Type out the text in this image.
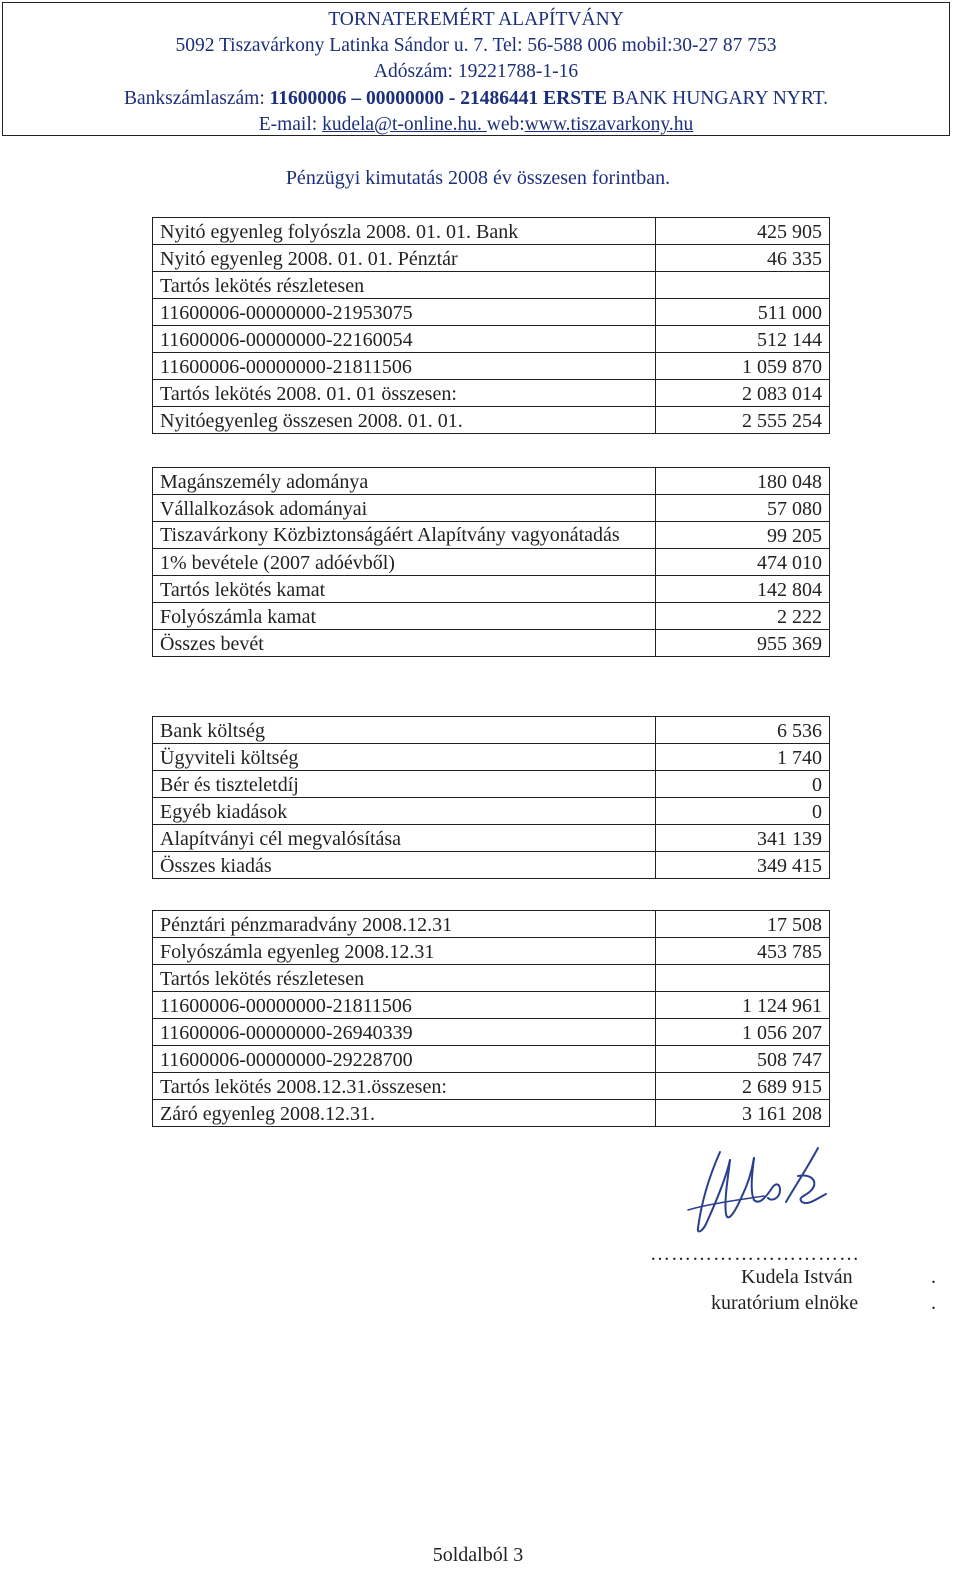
TORNATEREMÉRT ALAPÍTVÁNY
5092 Tiszavárkony Latinka Sándor u. 7. Tel: 56-588 006 mobil:30-27 87 753
Adószám: 19221788-1-16
Bankszámlaszám: 11600006 – 00000000 - 21486441 ERSTE BANK HUNGARY NYRT.
E-mail: kudela@t-online.hu. web:www.tiszavarkony.hu
Pénzügyi kimutatás 2008 év összesen forintban.
Nyitó egyenleg folyószla 2008. 01. 01. Bank	425 905
Nyitó egyenleg 2008. 01. 01. Pénztár	46 335
Tartós lekötés részletesen	
11600006-00000000-21953075	511 000
11600006-00000000-22160054	512 144
11600006-00000000-21811506	1 059 870
Tartós lekötés 2008. 01. 01 összesen:	2 083 014
Nyitóegyenleg összesen 2008. 01. 01.	2 555 254
Magánszemély adománya	180 048
Vállalkozások adományai	57 080
Tiszavárkony Közbiztonságáért Alapítvány vagyonátadás	99 205
1% bevétele (2007 adóévből)	474 010
Tartós lekötés kamat	142 804
Folyószámla kamat	2 222
Összes bevét	955 369
Bank költség	6 536
Ügyviteli költség	1 740
Bér és tiszteletdíj	0
Egyéb kiadások	0
Alapítványi cél megvalósítása	341 139
Összes kiadás	349 415
Pénztári pénzmaradvány 2008.12.31	17 508
Folyószámla egyenleg 2008.12.31	453 785
Tartós lekötés részletesen	
11600006-00000000-21811506	1 124 961
11600006-00000000-26940339	1 056 207
11600006-00000000-29228700	508 747
Tartós lekötés 2008.12.31.összesen:	2 689 915
Záró egyenleg 2008.12.31.	3 161 208
…………………………
Kudela István	.
kuratórium elnöke	.
5oldalból 3
